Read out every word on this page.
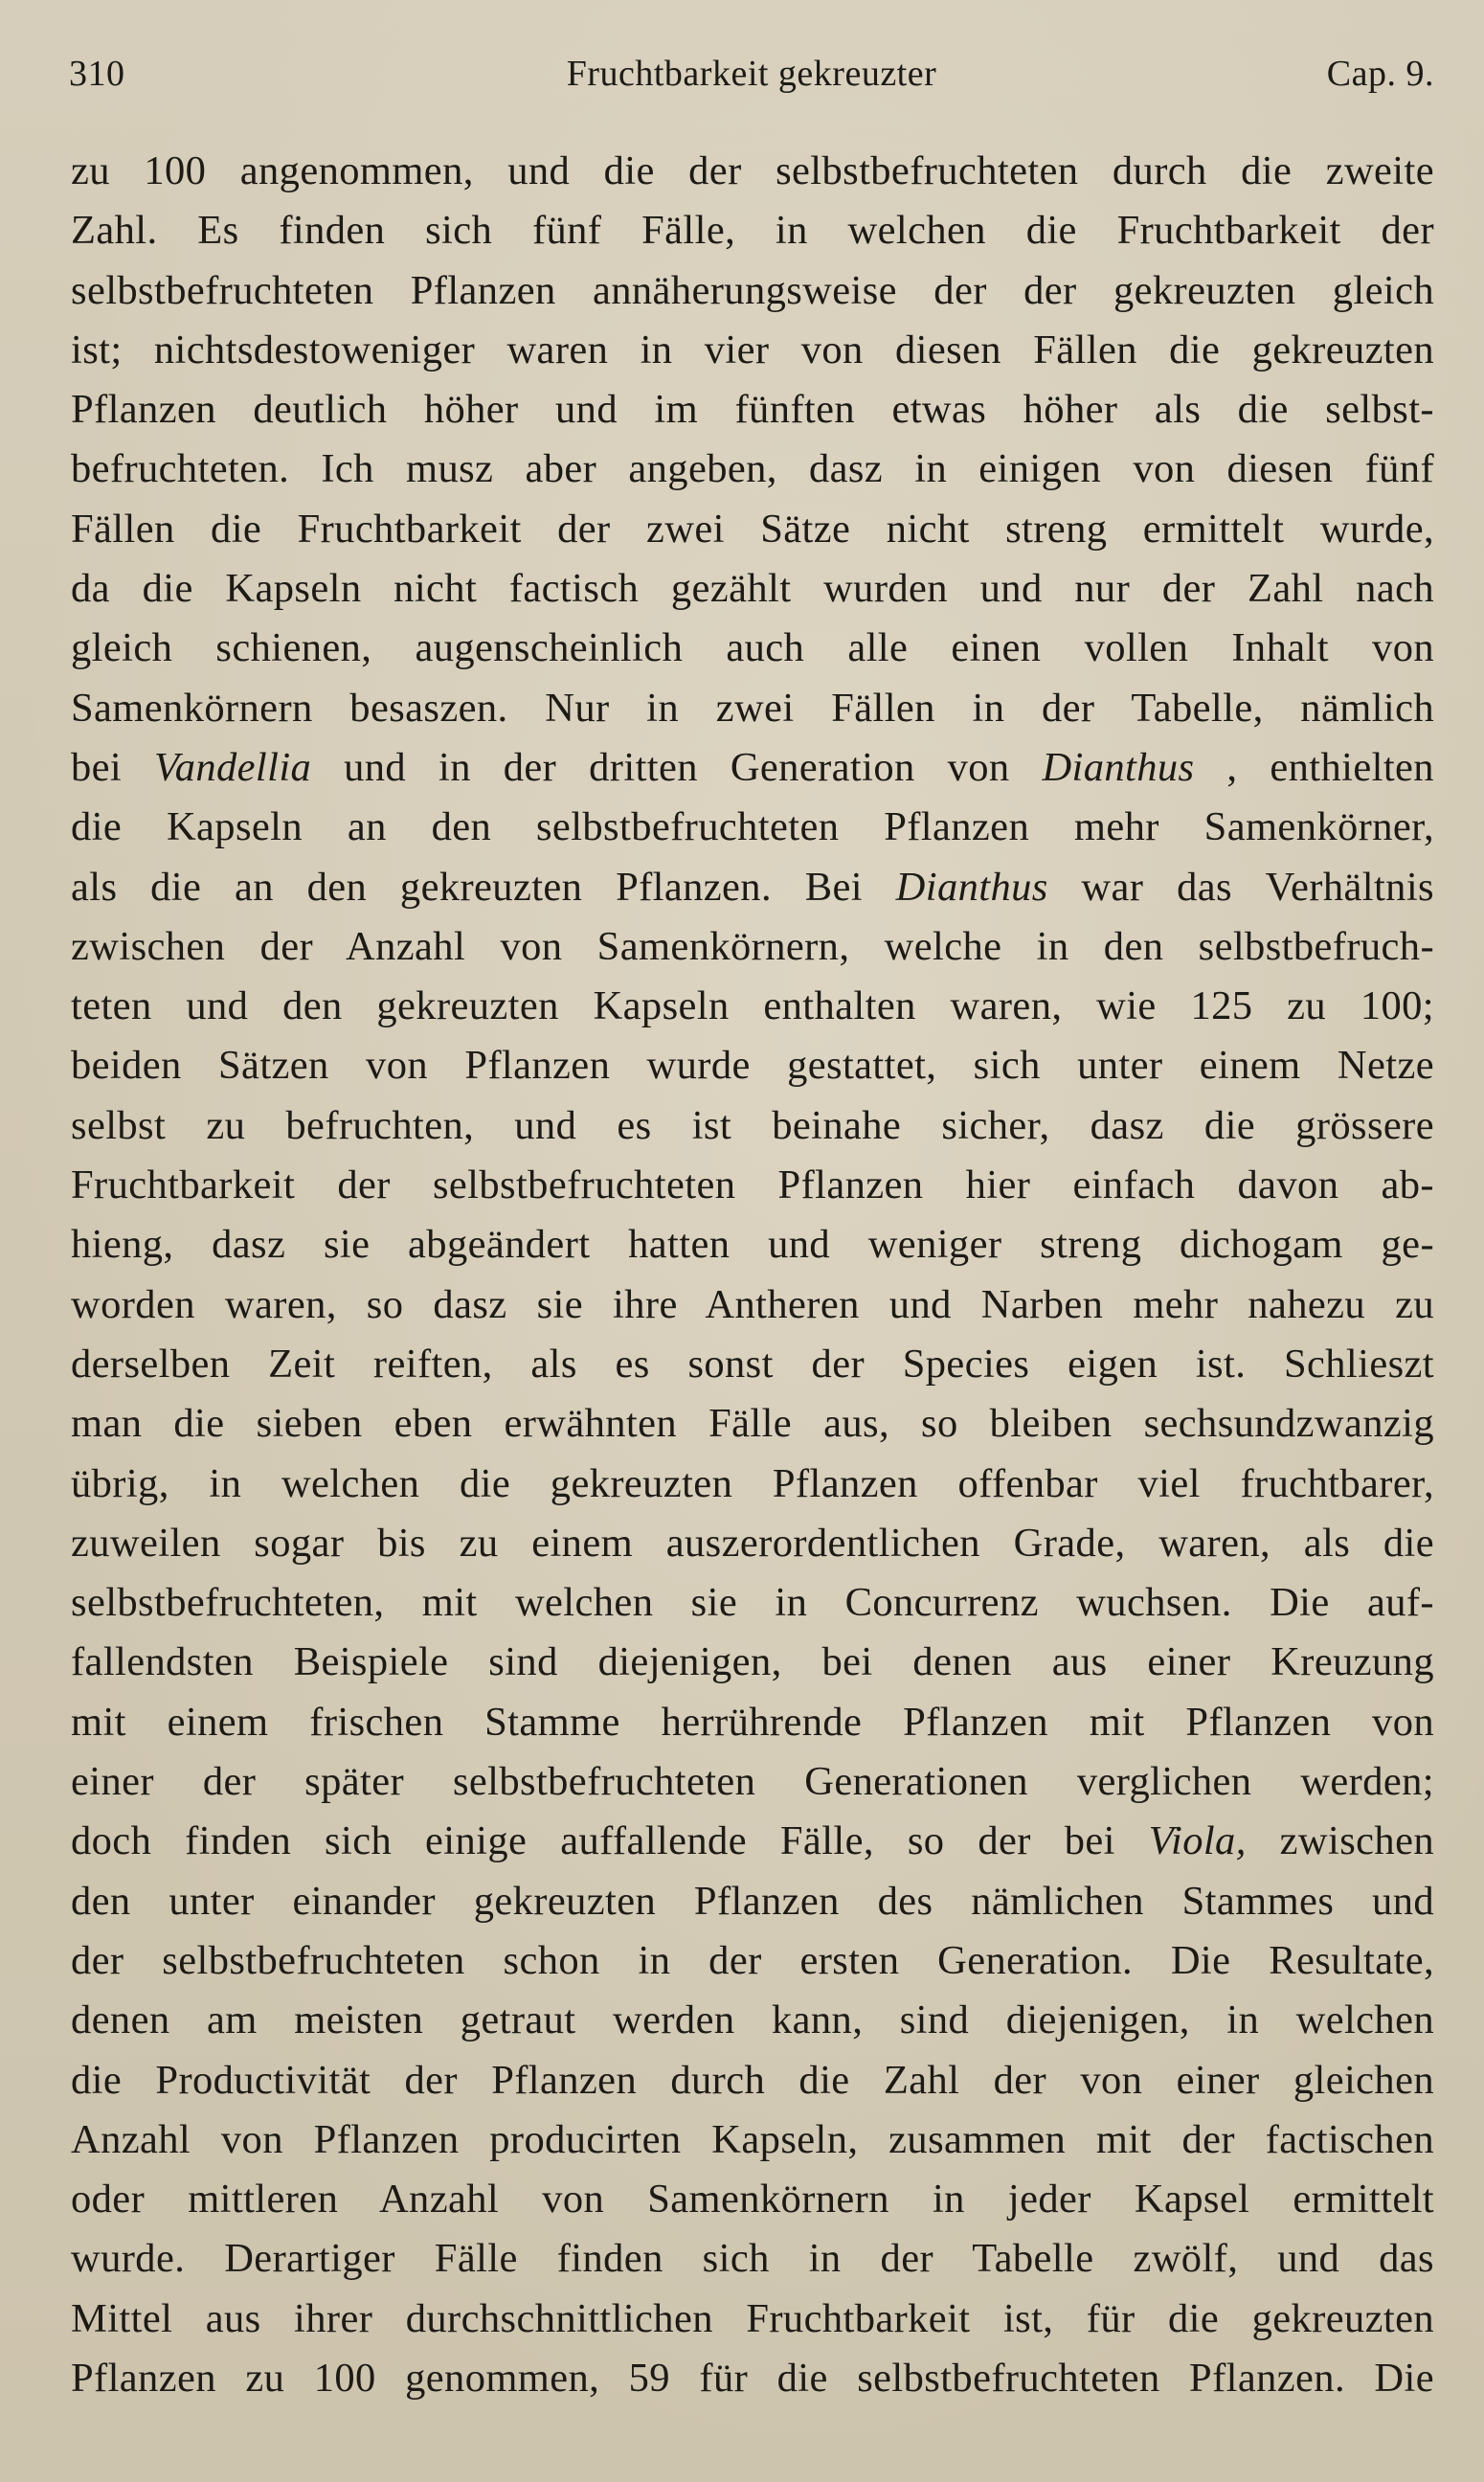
310	Fruchtbarkeit gekreuzter	Cap. 9.
zu 100 angenommen, und die der selbstbefruchteten durch die zweite
Zahl. Es finden sich fünf Fälle, in welchen die Fruchtbarkeit der
selbstbefruchteten Pflanzen annäherungsweise der der gekreuzten gleich
ist; nichtsdestoweniger waren in vier von diesen Fällen die gekreuzten
Pflanzen deutlich höher und im fünften etwas höher als die selbst-
befruchteten. Ich musz aber angeben, dasz in einigen von diesen fünf
Fällen die Fruchtbarkeit der zwei Sätze nicht streng ermittelt wurde,
da die Kapseln nicht factisch gezählt wurden und nur der Zahl nach
gleich schienen, augenscheinlich auch alle einen vollen Inhalt von
Samenkörnern besaszen. Nur in zwei Fällen in der Tabelle, nämlich
bei Vandellia und in der dritten Generation von Dianthus , enthielten
die Kapseln an den selbstbefruchteten Pflanzen mehr Samenkörner,
als die an den gekreuzten Pflanzen. Bei Dianthus war das Verhältnis
zwischen der Anzahl von Samenkörnern, welche in den selbstbefruch-
teten und den gekreuzten Kapseln enthalten waren, wie 125 zu 100;
beiden Sätzen von Pflanzen wurde gestattet, sich unter einem Netze
selbst zu befruchten, und es ist beinahe sicher, dasz die grössere
Fruchtbarkeit der selbstbefruchteten Pflanzen hier einfach davon ab-
hieng, dasz sie abgeändert hatten und weniger streng dichogam ge-
worden waren, so dasz sie ihre Antheren und Narben mehr nahezu zu
derselben Zeit reiften, als es sonst der Species eigen ist. Schlieszt
man die sieben eben erwähnten Fälle aus, so bleiben sechsundzwanzig
übrig, in welchen die gekreuzten Pflanzen offenbar viel fruchtbarer,
zuweilen sogar bis zu einem auszerordentlichen Grade, waren, als die
selbstbefruchteten, mit welchen sie in Concurrenz wuchsen. Die auf-
fallendsten Beispiele sind diejenigen, bei denen aus einer Kreuzung
mit einem frischen Stamme herrührende Pflanzen mit Pflanzen von
einer der später selbstbefruchteten Generationen verglichen werden;
doch finden sich einige auffallende Fälle, so der bei Viola, zwischen
den unter einander gekreuzten Pflanzen des nämlichen Stammes und
der selbstbefruchteten schon in der ersten Generation. Die Resultate,
denen am meisten getraut werden kann, sind diejenigen, in welchen
die Productivität der Pflanzen durch die Zahl der von einer gleichen
Anzahl von Pflanzen producirten Kapseln, zusammen mit der factischen
oder mittleren Anzahl von Samenkörnern in jeder Kapsel ermittelt
wurde. Derartiger Fälle finden sich in der Tabelle zwölf, und das
Mittel aus ihrer durchschnittlichen Fruchtbarkeit ist, für die gekreuzten
Pflanzen zu 100 genommen, 59 für die selbstbefruchteten Pflanzen. Die
